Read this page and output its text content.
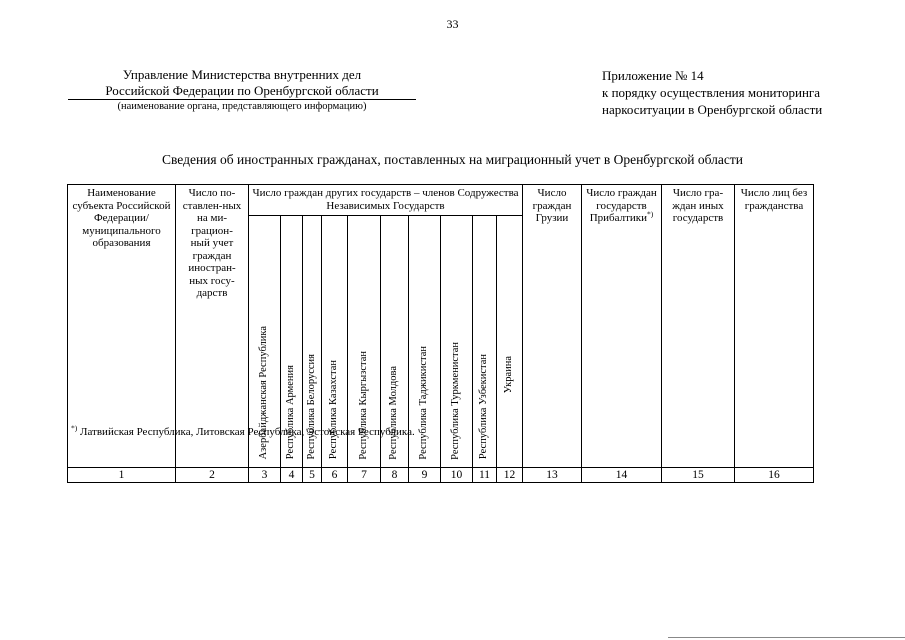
33
Управление Министерства внутренних дел

Российской Федерации по Оренбургской области
(наименование органа, представляющего информацию)
Приложение № 14
к порядку осуществления мониторинга
наркоситуации в Оренбургской области
Сведения об иностранных гражданах, поставленных на миграционный учет в Оренбургской области
Наименование субъекта Российской Федерации/ муниципального образования	Число по-ставлен-ных на ми-грацион-ный учет граждан иностран-ных госу-дарств	Число граждан других государств – членов Содружества Независимых Государств										Число граждан Грузии	Число граждан государств Прибалтики*)	Число гра-ждан иных государств	Число лиц без гражданства
		Азербайджанская Республика	Республика Армения	Республика Белоруссия	Республика Казахстан	Республика Кыргызстан	Республика Молдова	Республика Таджикистан	Республика Туркменистан	Республика Узбекистан	Украина				
1	2	3	4	5	6	7	8	9	10	11	12	13	14	15	16
*) Латвийская Республика, Литовская Республика, Эстонская Республика.
